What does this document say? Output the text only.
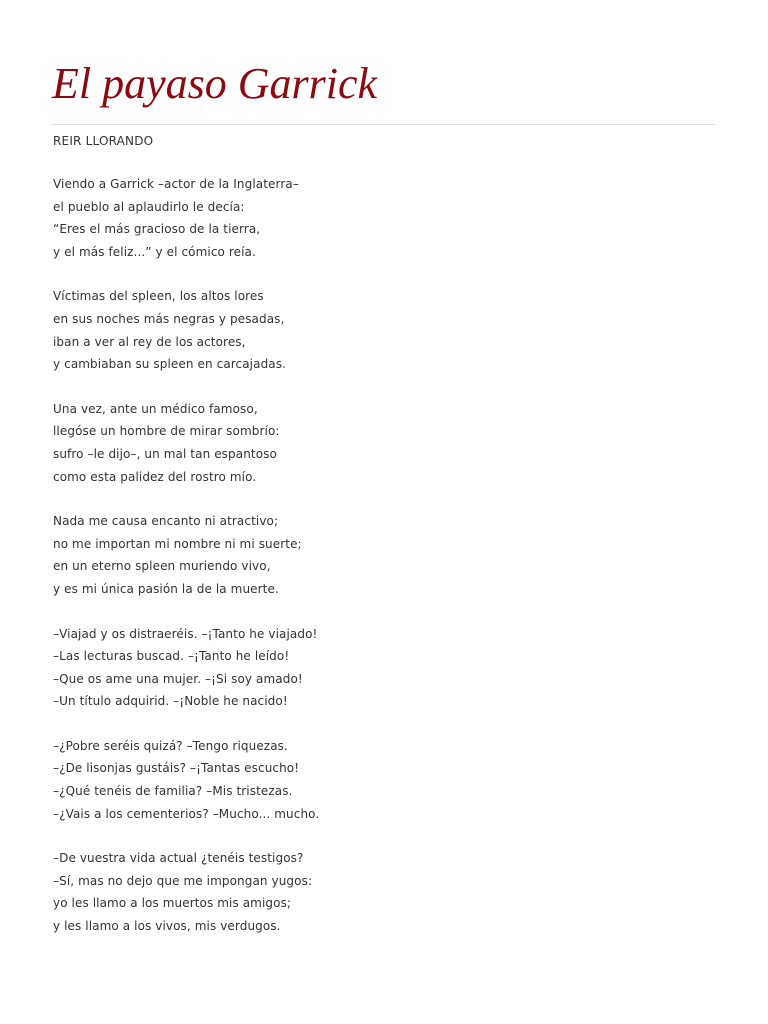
El payaso Garrick

REIR LLORANDO

Viendo a Garrick –actor de la Inglaterra–
el pueblo al aplaudirlo le decía:
“Eres el más gracioso de la tierra,
y el más feliz...” y el cómico reía.
Víctimas del spleen, los altos lores
en sus noches más negras y pesadas,
iban a ver al rey de los actores,
y cambiaban su spleen en carcajadas.
Una vez, ante un médico famoso,
llegóse un hombre de mirar sombrío:
sufro –le dijo–, un mal tan espantoso
como esta palidez del rostro mío.
Nada me causa encanto ni atractivo;
no me importan mi nombre ni mi suerte;
en un eterno spleen muriendo vivo,
y es mi única pasión la de la muerte.
–Viajad y os distraeréis. –¡Tanto he viajado!
–Las lecturas buscad. –¡Tanto he leído!
–Que os ame una mujer. –¡Si soy amado!
–Un título adquirid. –¡Noble he nacido!
–¿Pobre seréis quizá? –Tengo riquezas.
–¿De lisonjas gustáis? –¡Tantas escucho!
–¿Qué tenéis de familia? –Mis tristezas.
–¿Vais a los cementerios? –Mucho... mucho.
–De vuestra vida actual ¿tenéis testigos?
–Sí, mas no dejo que me impongan yugos:
yo les llamo a los muertos mis amigos;
y les llamo a los vivos, mis verdugos.
